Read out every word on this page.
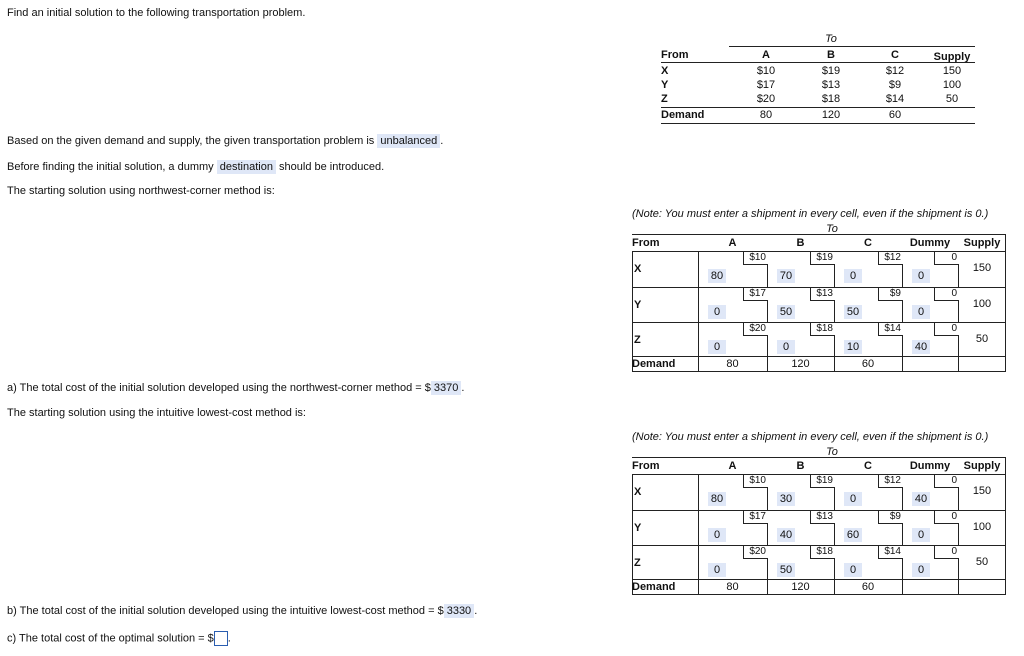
Find an initial solution to the following transportation problem.
To
From	A	B	C	Supply
X	$10	$19	$12	150
Y	$17	$13	$9	100
Z	$20	$18	$14	50
Demand	80	120	60
Based on the given demand and supply, the given transportation problem is unbalanced .
Before finding the initial solution, a dummy destination should be introduced.
The starting solution using northwest-corner method is:
(Note: You must enter a shipment in every cell, even if the shipment is 0.)
To
From	A	B	C	Dummy	Supply
X
$10	$19	$12	0
80	70	0	0
150
Y
$17	$13	$9	0
0	50	50	0
100
Z
$20	$18	$14	0
0	0	10	40
50
Demand	80	120	60
a) The total cost of the initial solution developed using the northwest-corner method = $ 3370 .
The starting solution using the intuitive lowest-cost method is:
(Note: You must enter a shipment in every cell, even if the shipment is 0.)
To
From	A	B	C	Dummy	Supply
X
$10	$19	$12	0
80	30	0	40
150
Y
$17	$13	$9	0
0	40	60	0
100
Z
$20	$18	$14	0
0	50	0	0
50
Demand	80	120	60
b) The total cost of the initial solution developed using the intuitive lowest-cost method = $ 3330 .
c) The total cost of the optimal solution = $ .
